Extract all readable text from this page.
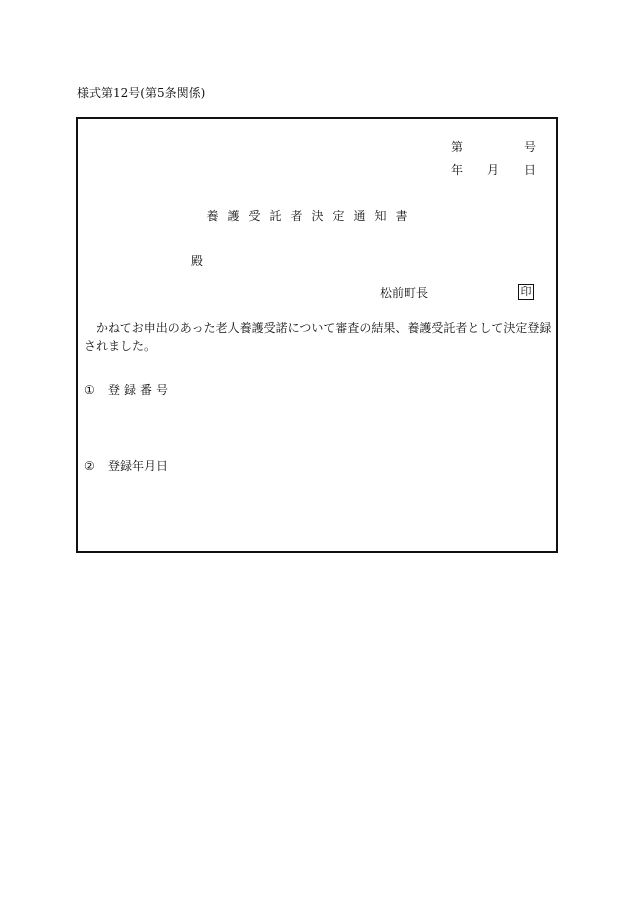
様式第12号(第5条関係)
第	号
年 月 日
養護受託者決定通知書
殿
松前町長	印
かねてお申出のあった老人養護受諾について審査の結果、養護受託者として決定登録されました。
① 登録番号
② 登録年月日
